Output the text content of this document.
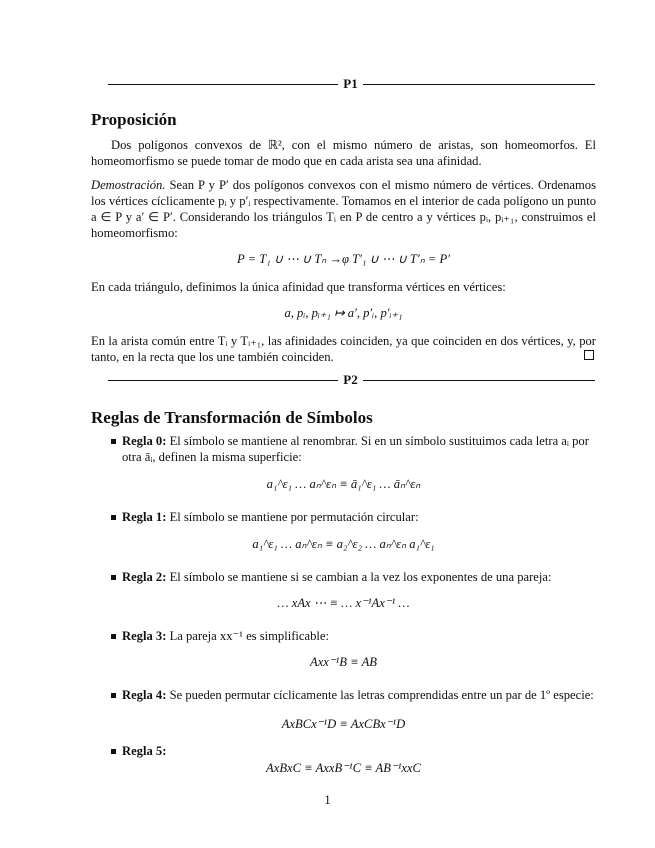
P1
Proposición
Dos polígonos convexos de ℝ², con el mismo número de aristas, son homeomorfos. El homeomorfismo se puede tomar de modo que en cada arista sea una afinidad.
Demostración. Sean P y P′ dos polígonos convexos con el mismo número de vértices. Ordenamos los vértices cíclicamente pᵢ y p′ᵢ respectivamente. Tomamos en el interior de cada polígono un punto a ∈ P y a′ ∈ P′. Considerando los triángulos Tᵢ en P de centro a y vértices pᵢ, pᵢ₊₁, construimos el homeomorfismo:
P = T₁ ∪ ⋯ ∪ Tₙ →φ T′₁ ∪ ⋯ ∪ T′ₙ = P′
En cada triángulo, definimos la única afinidad que transforma vértices en vértices:
a, pᵢ, pᵢ₊₁ ↦ a′, p′ᵢ, p′ᵢ₊₁
En la arista común entre Tᵢ y Tᵢ₊₁, las afinidades coinciden, ya que coinciden en dos vértices, y, por tanto, en la recta que los une también coinciden.
P2
Reglas de Transformación de Símbolos
Regla 0: El símbolo se mantiene al renombrar. Si en un símbolo sustituimos cada letra aᵢ por otra āᵢ, definen la misma superficie:
a₁^ε₁ … aₙ^εₙ ≡ ā₁^ε₁ … āₙ^εₙ
Regla 1: El símbolo se mantiene por permutación circular:
a₁^ε₁ … aₙ^εₙ ≡ a₂^ε₂ … aₙ^εₙ a₁^ε₁
Regla 2: El símbolo se mantiene si se cambian a la vez los exponentes de una pareja:
… xAx ⋯ ≡ … x⁻¹Ax⁻¹ …
Regla 3: La pareja xx⁻¹ es simplificable:
Axx⁻¹B ≡ AB
Regla 4: Se pueden permutar cíclicamente las letras comprendidas entre un par de 1º especie:
AxBCx⁻¹D ≡ AxCBx⁻¹D
Regla 5:
AxBxC ≡ AxxB⁻¹C ≡ AB⁻¹xxC
1
